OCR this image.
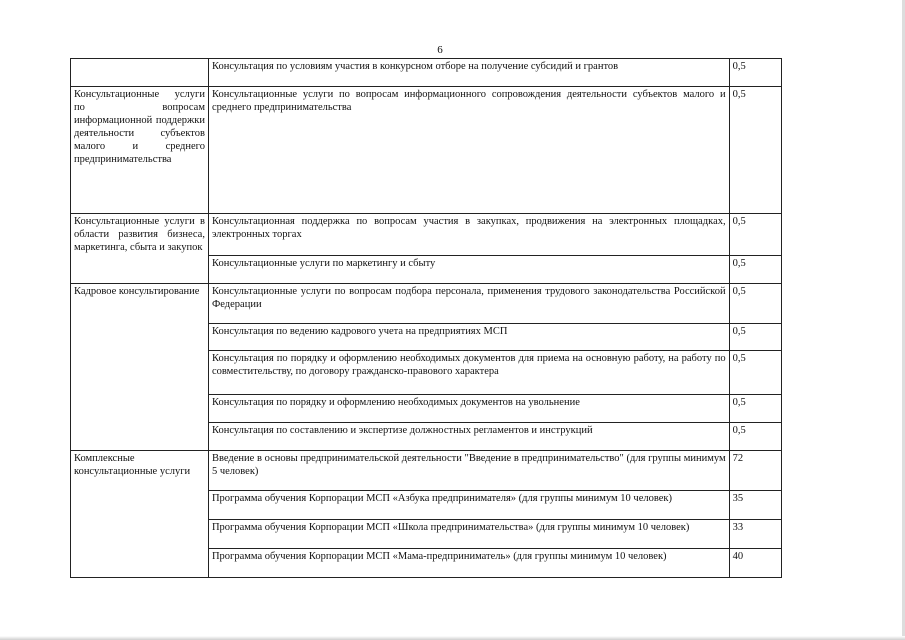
6
	Консультация по условиям участия в конкурсном отборе на получение субсидий и грантов	0,5
Консультационные услуги по вопросам информационной поддержки деятельности субъектов малого и среднего предпринимательства	Консультационные услуги по вопросам информационного сопровождения деятельности субъектов малого и среднего предпринимательства	0,5
Консультационные услуги в области развития бизнеса, маркетинга, сбыта и закупок	Консультационная поддержка по вопросам участия в закупках, продвижения на электронных площадках, электронных торгах	0,5
	Консультационные услуги по маркетингу и сбыту	0,5
Кадровое консультирование	Консультационные услуги по вопросам подбора персонала, применения трудового законодательства Российской Федерации	0,5
	Консультация по ведению кадрового учета на предприятиях МСП	0,5
	Консультация по порядку и оформлению необходимых документов для приема на основную работу, на работу по совместительству, по договору гражданско-правового характера	0,5
	Консультация по порядку и оформлению необходимых документов на увольнение	0,5
	Консультация по составлению и экспертизе должностных регламентов и инструкций	0,5
Комплексные консультационные услуги	Введение в основы предпринимательской деятельности "Введение в предпринимательство" (для группы минимум 5 человек)	72
	Программа обучения Корпорации МСП «Азбука предпринимателя» (для группы минимум 10 человек)	35
	Программа обучения Корпорации МСП «Школа предпринимательства» (для группы минимум 10 человек)	33
	Программа обучения Корпорации МСП «Мама-предприниматель» (для группы минимум 10 человек)	40
